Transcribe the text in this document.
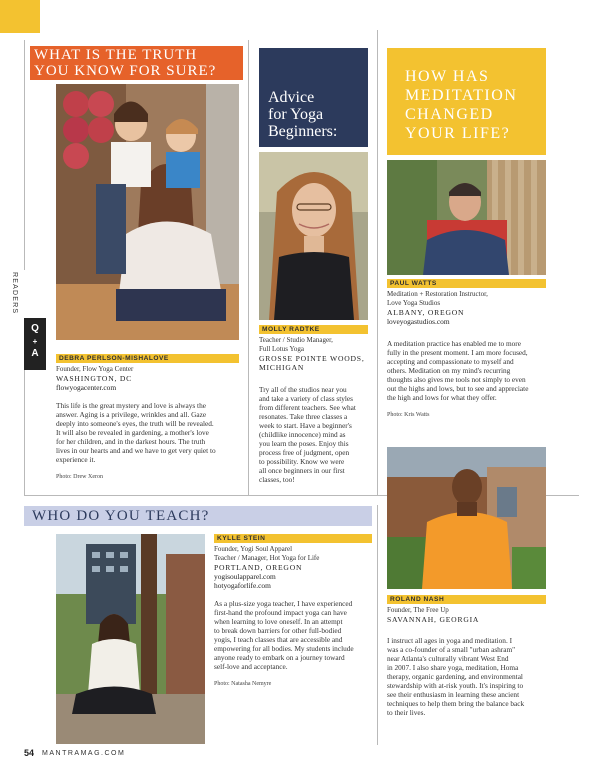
READERS
Q
+
A
WHAT IS THE TRUTH
YOU KNOW FOR SURE?
DEBRA PERLSON-MISHALOVE
Founder, Flow Yoga Center
WASHINGTON, DC
flowyogacenter.com
This life is the great mystery and love is always the
answer. Aging is a privilege, wrinkles and all. Gaze
deeply into someone's eyes, the truth will be revealed.
It will also be revealed in gardening, a mother's love
for her children, and in the darkest hours. The truth
lives in our hearts and and we have to get very quiet to
experience it.
Photo: Drew Xeron
Advice
for Yoga
Beginners:
MOLLY RADTKE
Teacher / Studio Manager,
Full Lotus Yoga
GROSSE POINTE WOODS,
MICHIGAN
Try all of the studios near you
and take a variety of class styles
from different teachers. See what
resonates. Take three classes a
week to start. Have a beginner's
(childlike innocence) mind as
you learn the poses. Enjoy this
process free of judgment, open
to possibility. Know we were
all once beginners in our first
classes, too!
HOW HAS
MEDITATION
CHANGED
YOUR LIFE?
PAUL WATTS
Meditation + Restoration Instructor,
Love Yoga Studios
ALBANY, OREGON
loveyogastudios.com
A meditation practice has enabled me to more
fully in the present moment. I am more focused,
accepting and compassionate to myself and
others. Meditation on my mind's recurring
thoughts also gives me tools not simply to even
out the highs and lows, but to see and appreciate
the high and lows for what they offer.
Photo: Kris Watts
WHO DO YOU TEACH?
KYLLE STEIN
Founder, Yogi Soul Apparel
Teacher / Manager, Hot Yoga for Life
PORTLAND, OREGON
yogisoulapparel.com
hotyogaforlife.com
As a plus-size yoga teacher, I have experienced
first-hand the profound impact yoga can have
when learning to love oneself. In an attempt
to break down barriers for other full-bodied
yogis, I teach classes that are accessible and
empowering for all bodies. My students include
anyone ready to embark on a journey toward
self-love and acceptance.
Photo: Natasha Nemyre
ROLAND NASH
Founder, The Free Up
SAVANNAH, GEORGIA
I instruct all ages in yoga and meditation. I
was a co-founder of a small "urban ashram"
near Atlanta's culturally vibrant West End
in 2007. I also share yoga, meditation, Homa
therapy, organic gardening, and environmental
stewardship with at-risk youth. It's inspiring to
see their enthusiasm in learning these ancient
techniques to help them bring the balance back
to their lives.
54 MANTRAMAG.COM
